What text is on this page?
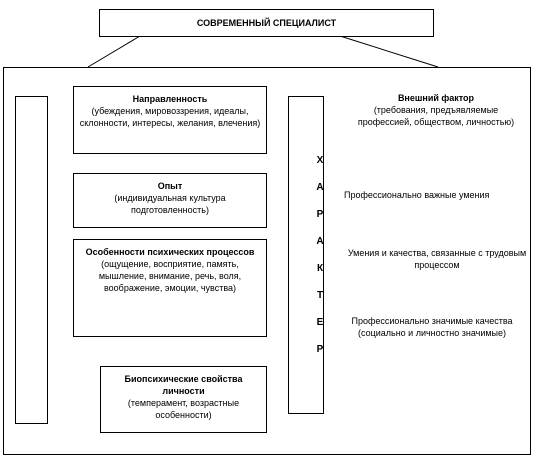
СОВРЕМЕННЫЙ СПЕЦИАЛИСТ
Направленность
(убеждения, мировоззрения, идеалы, склонности, интересы, желания, влечения)
Опыт
(индивидуальная культура подготовленность)
Особенности психических процессов
(ощущение, восприятие, память, мышление, внимание, речь, воля, воображение, эмоции, чувства)
Биопсихические свойства личности
(темперамент, возрастные особенности)
Х
А
Р
А
К
Т
Е
Р
Внешний фактор
(требования, предъявляемые профессией, обществом, личностью)
Профессионально важные умения
Умения и качества, связанные с трудовым процессом
Профессионально значимые качества (социально и личностно значимые)
